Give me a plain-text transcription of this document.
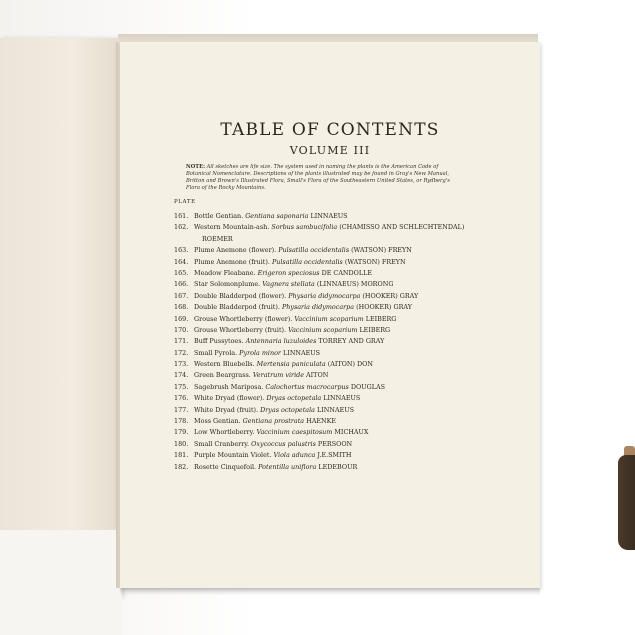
TABLE OF CONTENTS
VOLUME III
NOTE: All sketches are life size. The system used in naming the plants is the American Code of Botanical Nomenclature. Descriptions of the plants illustrated may be found in Gray's New Manual, Britton and Brown's Illustrated Flora, Small's Flora of the Southeastern United States, or Rydberg's Flora of the Rocky Mountains.
PLATE
161. Bottle Gentian. Gentiana saponaria LINNAEUS
162. Western Mountain-ash. Sorbus sambucifolia (CHAMISSO AND SCHLECHTENDAL)
ROEMER
163. Plume Anemone (flower). Pulsatilla occidentalis (WATSON) FREYN
164. Plume Anemone (fruit). Pulsatilla occidentalis (WATSON) FREYN
165. Meadow Fleabane. Erigeron speciosus DE CANDOLLE
166. Star Solomonplume. Vagnera stellata (LINNAEUS) MORONG
167. Double Bladderpod (flower). Physaria didymocarpa (HOOKER) GRAY
168. Double Bladderpod (fruit). Physaria didymocarpa (HOOKER) GRAY
169. Grouse Whortleberry (flower). Vaccinium scoparium LEIBERG
170. Grouse Whortleberry (fruit). Vaccinium scoparium LEIBERG
171. Buff Pussytoes. Antennaria luzuloides TORREY AND GRAY
172. Small Pyrola. Pyrola minor LINNAEUS
173. Western Bluebells. Mertensia paniculata (AITON) DON
174. Green Beargrass. Veratrum viride AITON
175. Sagebrush Mariposa. Calochortus macrocarpus DOUGLAS
176. White Dryad (flower). Dryas octopetala LINNAEUS
177. White Dryad (fruit). Dryas octopetala LINNAEUS
178. Moss Gentian. Gentiana prostrata HAENKE
179. Low Whortleberry. Vaccinium caespitosum MICHAUX
180. Small Cranberry. Oxycoccus palustris PERSOON
181. Purple Mountain Violet. Viola adunca J.E.SMITH
182. Rosette Cinquefoil. Potentilla uniflora LEDEBOUR
